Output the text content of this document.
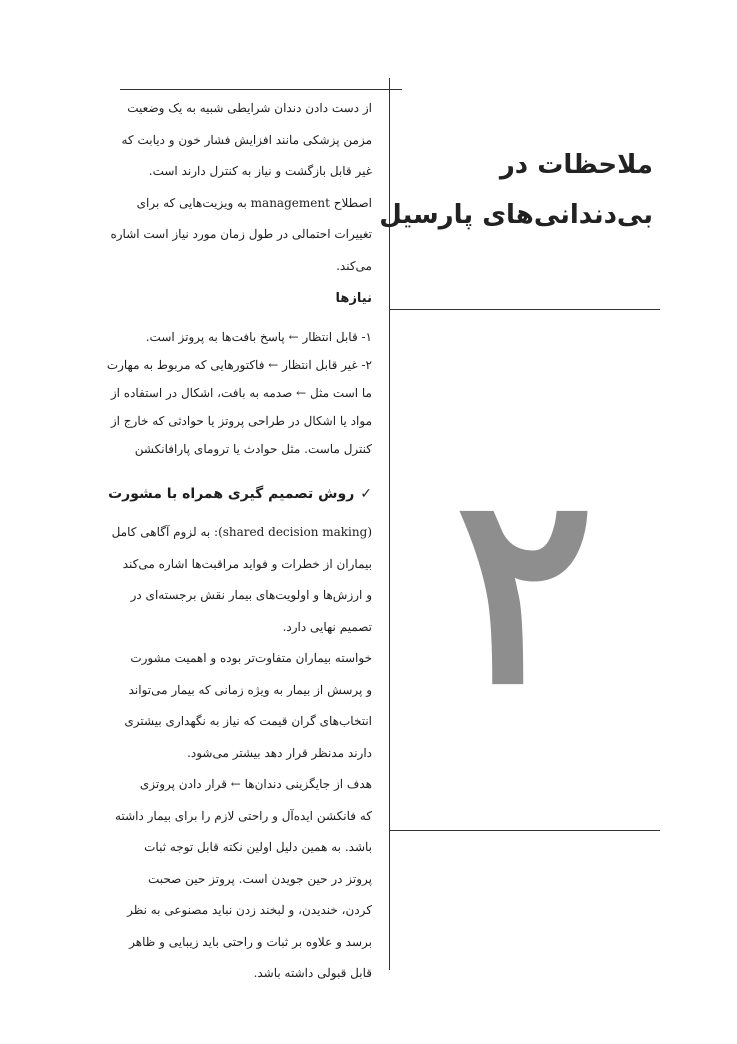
ملاحظات در
بی‌دندانی‌های پارسیل
۲
از دست دادن دندان شرایطی شبیه به یک وضعیت
مزمن پزشکی مانند افزایش فشار خون و دیابت که
غیر قابل بازگشت و نیاز به کنترل دارند است.
اصطلاح management به ویزیت‌هایی که برای
تغییرات احتمالی در طول زمان مورد نیاز است اشاره
می‌کند.
نیازها
۱- قابل انتظار ← پاسخ بافت‌ها به پروتز است.
۲- غیر قابل انتظار ← فاکتورهایی که مربوط به مهارت
ما است مثل ← صدمه به بافت، اشکال در استفاده از
مواد یا اشکال در طراحی پروتز یا حوادثی که خارج از
کنترل ماست. مثل حوادث یا ترومای پارافانکشن
✓روش تصمیم گیری همراه با مشورت
(shared decision making): به لزوم آگاهی کامل
بیماران از خطرات و فواید مراقبت‌ها اشاره می‌کند
و ارزش‌ها و اولویت‌های بیمار نقش برجسته‌ای در
تصمیم نهایی دارد.
خواسته بیماران متفاوت‌تر بوده و اهمیت مشورت
و پرسش از بیمار به ویژه زمانی که بیمار می‌تواند
انتخاب‌های گران قیمت که نیاز به نگهداری بیشتری
دارند مدنظر قرار دهد بیشتر می‌شود.
هدف از جایگزینی دندان‌ها ← قرار دادن پروتزی
که فانکشن ایده‌آل و راحتی لازم را برای بیمار داشته
باشد. به همین دلیل اولین نکته قابل توجه ثبات
پروتز در حین جویدن است. پروتز حین صحبت
کردن، خندیدن، و لبخند زدن نباید مصنوعی به نظر
برسد و علاوه بر ثبات و راحتی باید زیبایی و ظاهر
قابل قبولی داشته باشد.
